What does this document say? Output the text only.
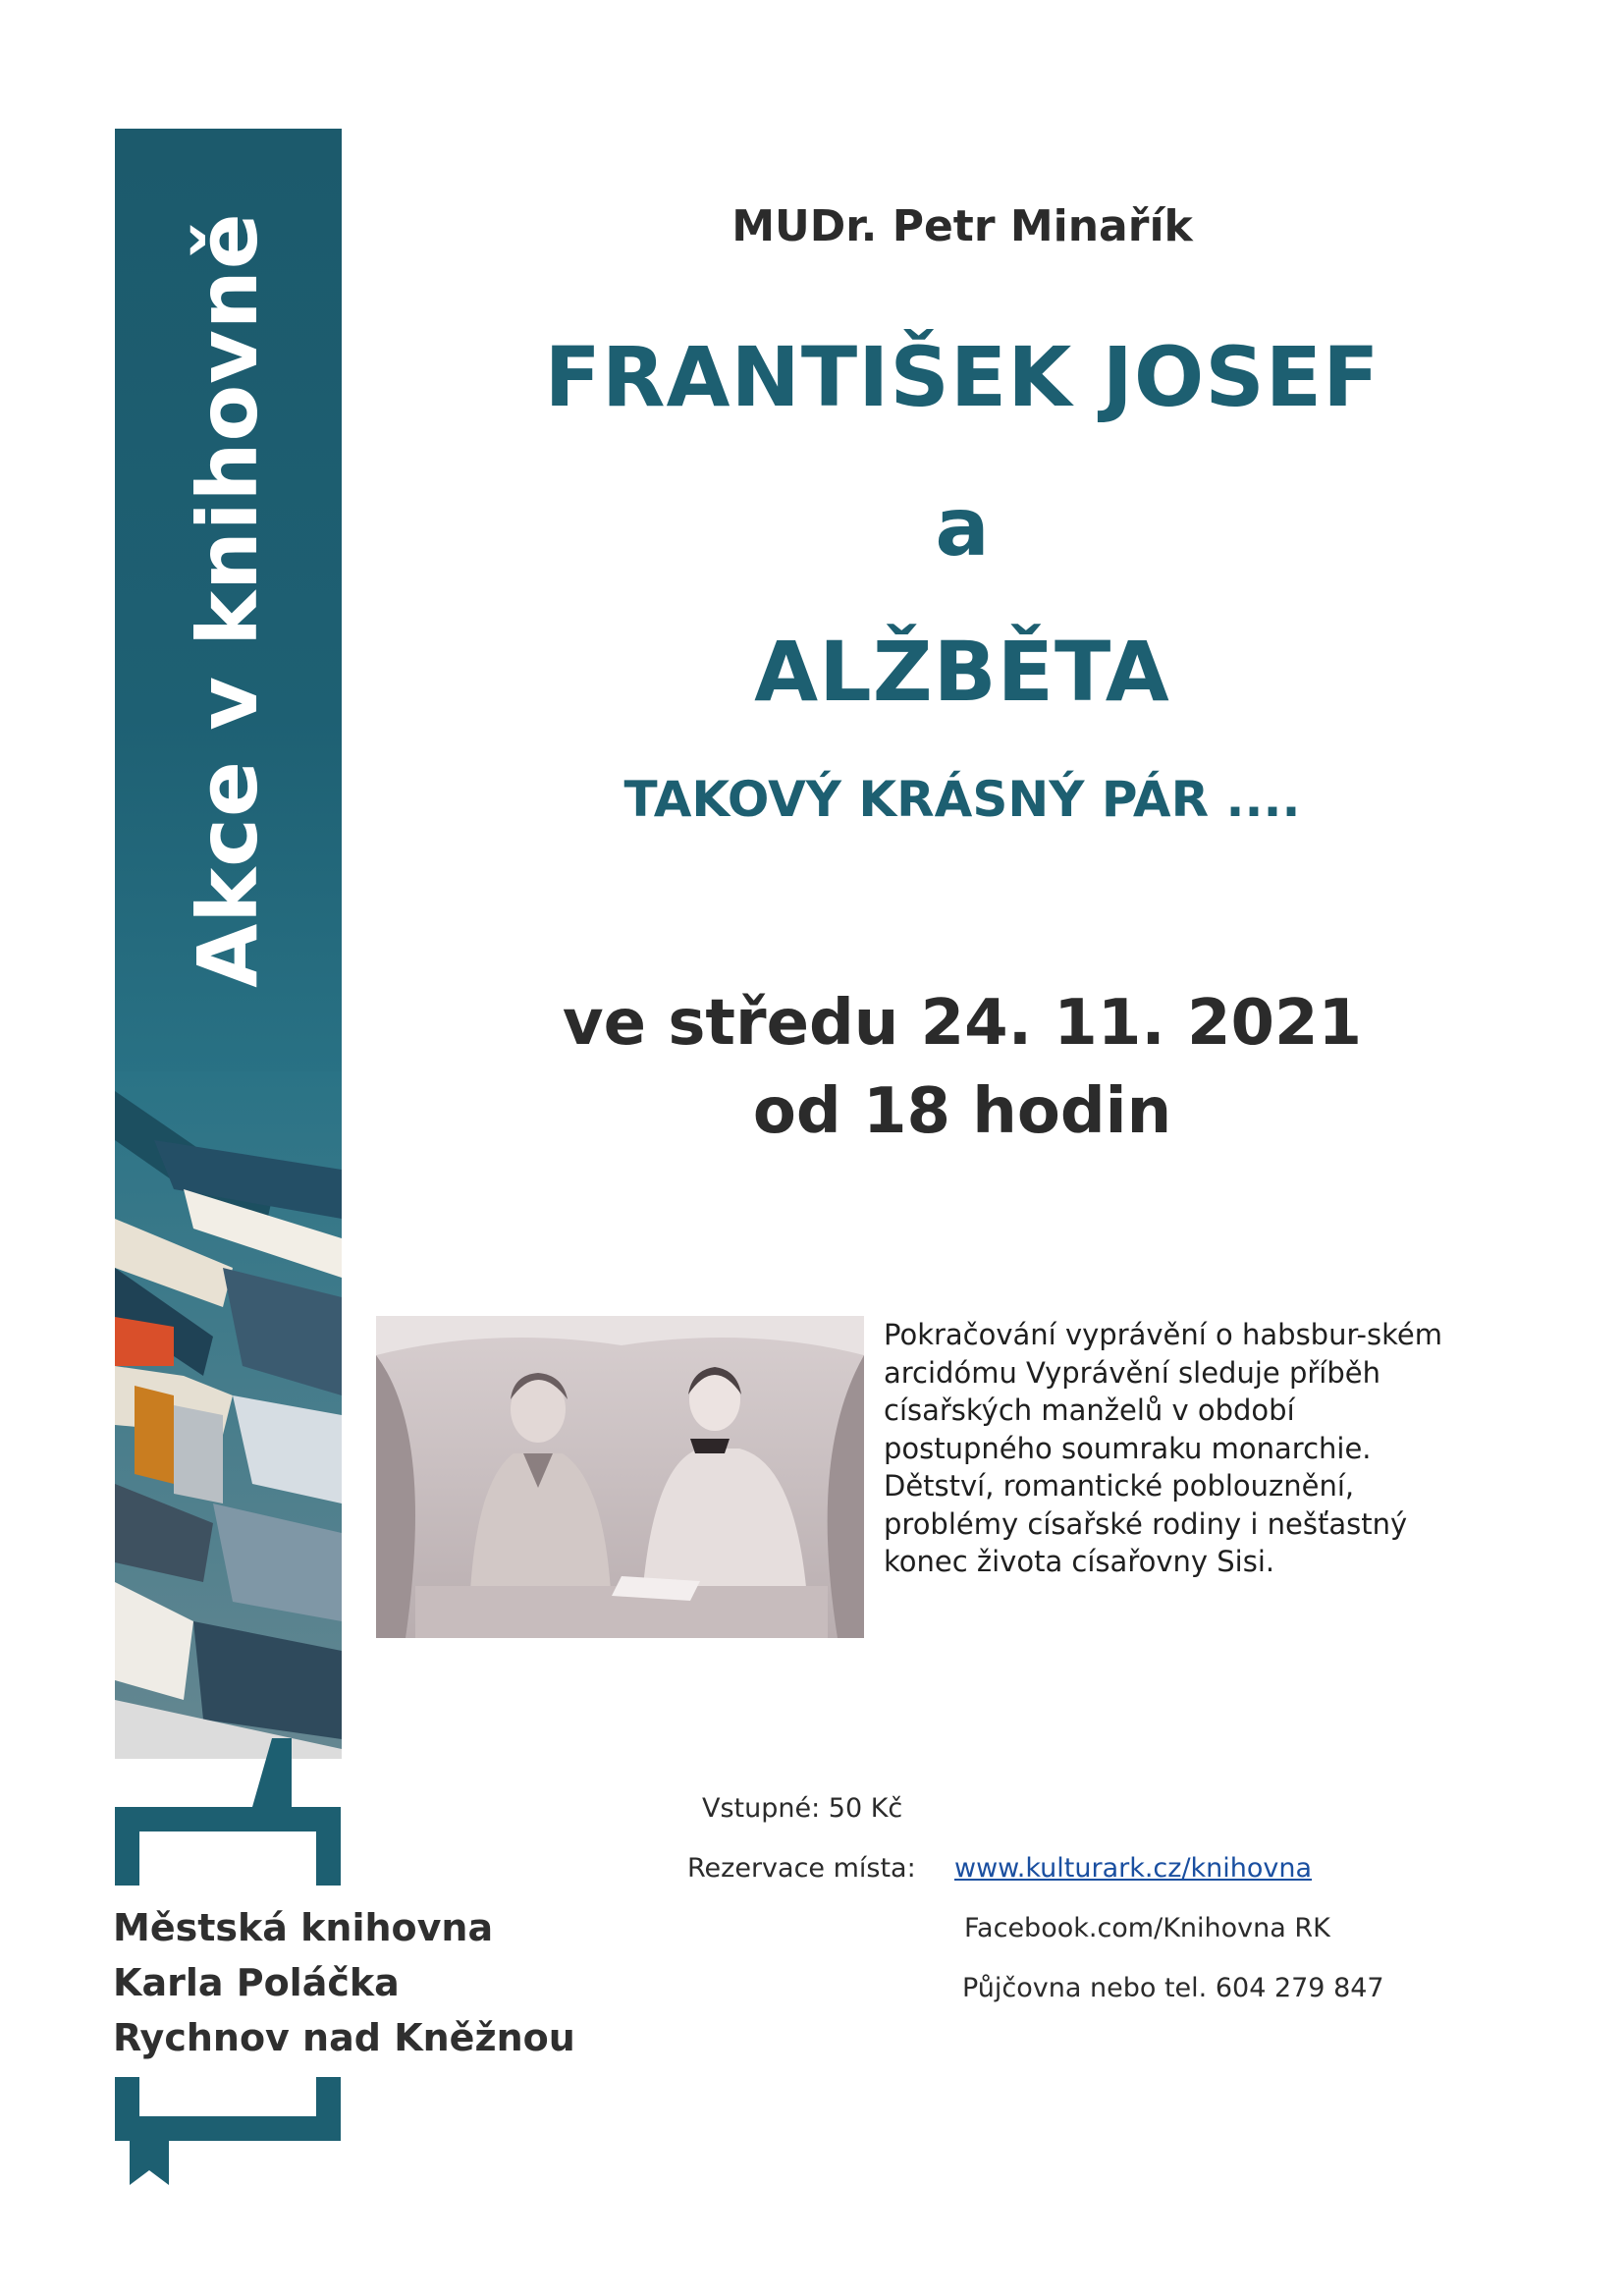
Akce v knihovně
Městská knihovna
Karla Poláčka
Rychnov nad Kněžnou
MUDr. Petr Minařík
FRANTIŠEK JOSEF
a
ALŽBĚTA
TAKOVÝ KRÁSNÝ PÁR ....
ve středu 24. 11. 2021
od 18 hodin
Pokračování vyprávění o habsbur-ském
arcidómu Vyprávění sleduje příběh
císařských manželů v období
postupného soumraku monarchie.
Dětství, romantické poblouznění,
problémy císařské rodiny i nešťastný
konec života císařovny Sisi.
Vstupné: 50 Kč
Rezervace místa: www.kulturark.cz/knihovna
Facebook.com/Knihovna RK
Půjčovna nebo tel. 604 279 847
